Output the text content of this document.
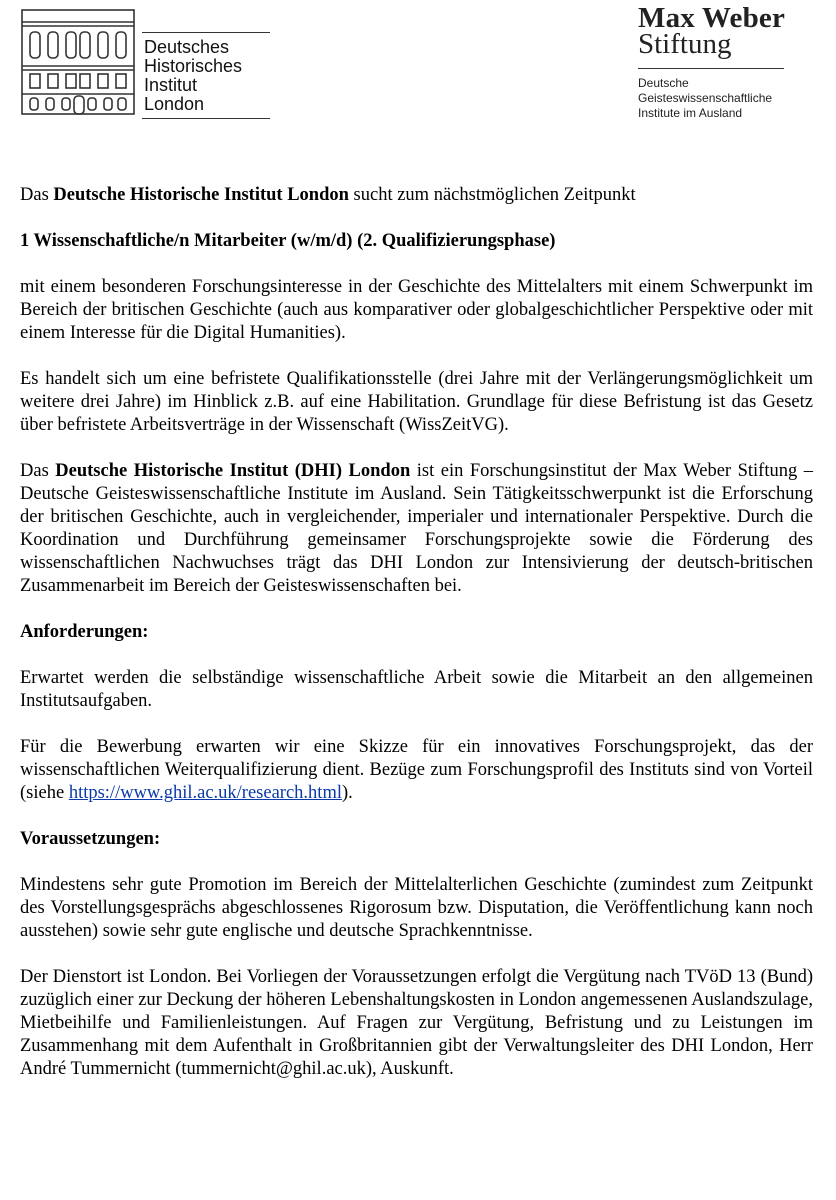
Deutsches
Historisches
Institut
London
Max Weber
Stiftung
Deutsche
Geisteswissenschaftliche
Institute im Ausland

Das Deutsche Historische Institut London sucht zum nächstmöglichen Zeitpunkt

1 Wissenschaftliche/n Mitarbeiter (w/m/d) (2. Qualifizierungsphase)

mit einem besonderen Forschungsinteresse in der Geschichte des Mittelalters mit einem Schwerpunkt im Bereich der britischen Geschichte (auch aus komparativer oder globalgeschichtlicher Perspektive oder mit einem Interesse für die Digital Humanities).

Es handelt sich um eine befristete Qualifikationsstelle (drei Jahre mit der Verlängerungsmöglichkeit um weitere drei Jahre) im Hinblick z.B. auf eine Habilitation. Grundlage für diese Befristung ist das Gesetz über befristete Arbeitsverträge in der Wissenschaft (WissZeitVG).

Das Deutsche Historische Institut (DHI) London ist ein Forschungsinstitut der Max Weber Stiftung – Deutsche Geisteswissenschaftliche Institute im Ausland. Sein Tätigkeitsschwerpunkt ist die Erforschung der britischen Geschichte, auch in vergleichender, imperialer und internationaler Perspektive. Durch die Koordination und Durchführung gemeinsamer Forschungsprojekte sowie die Förderung des wissenschaftlichen Nachwuchses trägt das DHI London zur Intensivierung der deutsch-britischen Zusammenarbeit im Bereich der Geisteswissenschaften bei.

Anforderungen:

Erwartet werden die selbständige wissenschaftliche Arbeit sowie die Mitarbeit an den allgemeinen Institutsaufgaben.

Für die Bewerbung erwarten wir eine Skizze für ein innovatives Forschungsprojekt, das der wissenschaftlichen Weiterqualifizierung dient. Bezüge zum Forschungsprofil des Instituts sind von Vorteil (siehe https://www.ghil.ac.uk/research.html).

Voraussetzungen:

Mindestens sehr gute Promotion im Bereich der Mittelalterlichen Geschichte (zumindest zum Zeitpunkt des Vorstellungsgesprächs abgeschlossenes Rigorosum bzw. Disputation, die Veröffentlichung kann noch ausstehen) sowie sehr gute englische und deutsche Sprachkenntnisse.

Der Dienstort ist London. Bei Vorliegen der Voraussetzungen erfolgt die Vergütung nach TVöD 13 (Bund) zuzüglich einer zur Deckung der höheren Lebenshaltungskosten in London angemessenen Auslandszulage, Mietbeihilfe und Familienleistungen. Auf Fragen zur Vergütung, Befristung und zu Leistungen im Zusammenhang mit dem Aufenthalt in Großbritannien gibt der Verwaltungsleiter des DHI London, Herr André Tummernicht (tummernicht@ghil.ac.uk), Auskunft.
